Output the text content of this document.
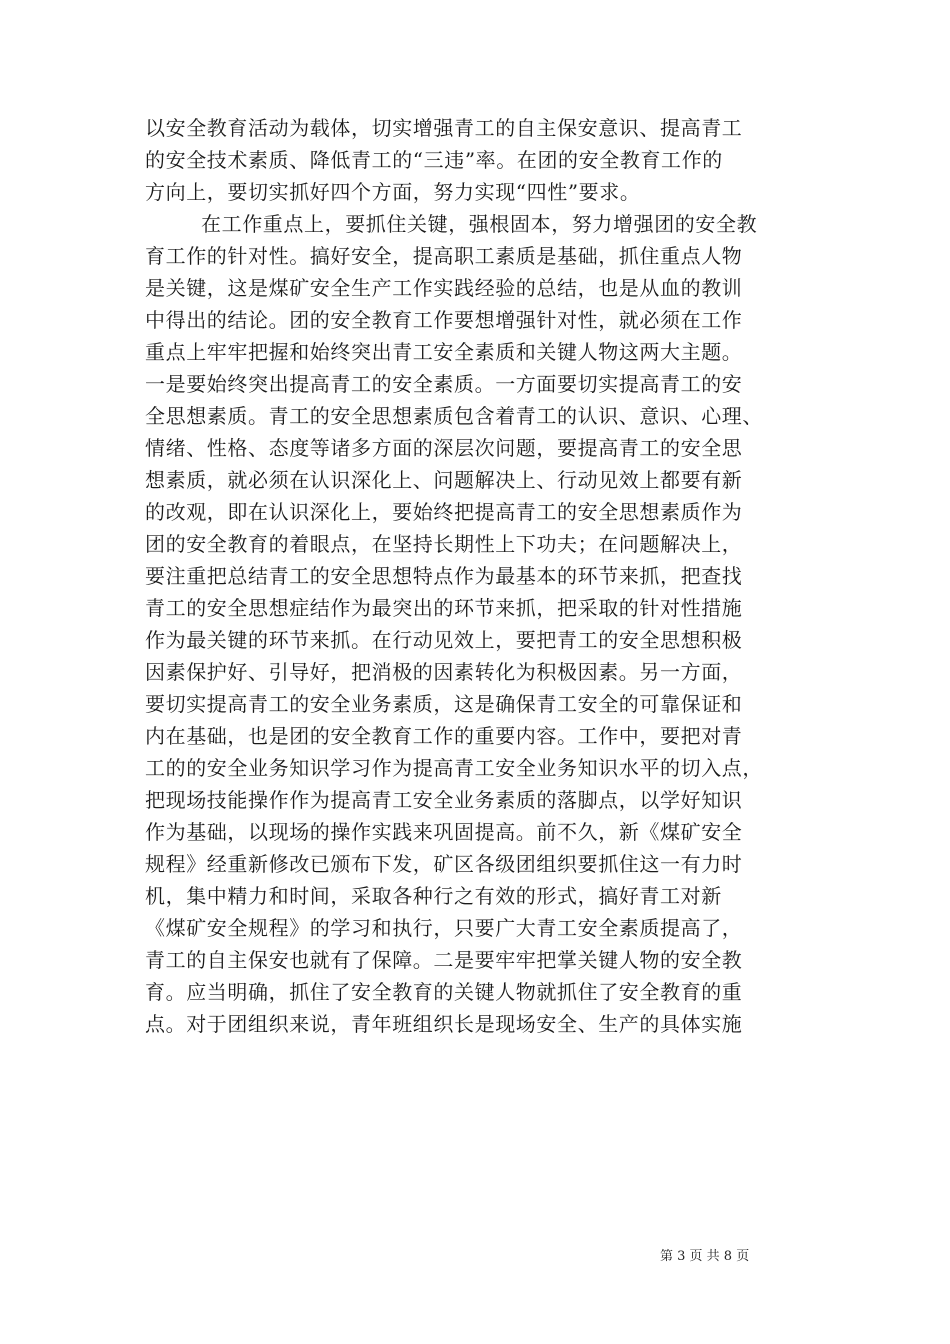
以安全教育活动为载体，切实增强青工的自主保安意识、提高青工
的安全技术素质、降低青工的“三违”率。在团的安全教育工作的
方向上，要切实抓好四个方面，努力实现“四性”要求。
在工作重点上，要抓住关键，强根固本，努力增强团的安全教
育工作的针对性。搞好安全，提高职工素质是基础，抓住重点人物
是关键，这是煤矿安全生产工作实践经验的总结，也是从血的教训
中得出的结论。团的安全教育工作要想增强针对性，就必须在工作
重点上牢牢把握和始终突出青工安全素质和关键人物这两大主题。
一是要始终突出提高青工的安全素质。一方面要切实提高青工的安
全思想素质。青工的安全思想素质包含着青工的认识、意识、心理、
情绪、性格、态度等诸多方面的深层次问题，要提高青工的安全思
想素质，就必须在认识深化上、问题解决上、行动见效上都要有新
的改观，即在认识深化上，要始终把提高青工的安全思想素质作为
团的安全教育的着眼点，在坚持长期性上下功夫；在问题解决上，
要注重把总结青工的安全思想特点作为最基本的环节来抓，把查找
青工的安全思想症结作为最突出的环节来抓，把采取的针对性措施
作为最关键的环节来抓。在行动见效上，要把青工的安全思想积极
因素保护好、引导好，把消极的因素转化为积极因素。另一方面，
要切实提高青工的安全业务素质，这是确保青工安全的可靠保证和
内在基础，也是团的安全教育工作的重要内容。工作中，要把对青
工的的安全业务知识学习作为提高青工安全业务知识水平的切入点，
把现场技能操作作为提高青工安全业务素质的落脚点，以学好知识
作为基础，以现场的操作实践来巩固提高。前不久，新《煤矿安全
规程》经重新修改已颁布下发，矿区各级团组织要抓住这一有力时
机，集中精力和时间，采取各种行之有效的形式，搞好青工对新
《煤矿安全规程》的学习和执行，只要广大青工安全素质提高了，
青工的自主保安也就有了保障。二是要牢牢把掌关键人物的安全教
育。应当明确，抓住了安全教育的关键人物就抓住了安全教育的重
点。对于团组织来说，青年班组织长是现场安全、生产的具体实施
第 3 页 共 8 页
